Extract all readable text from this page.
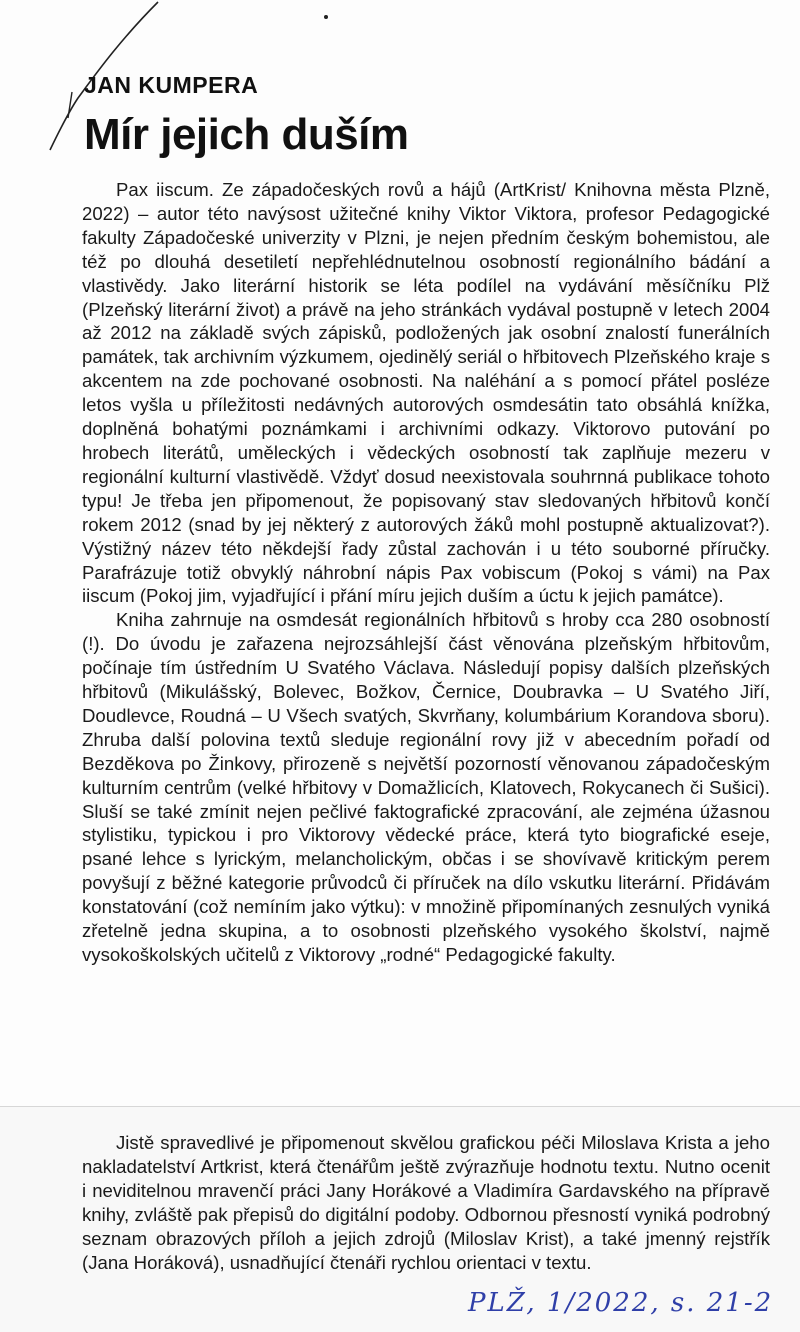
JAN KUMPERA
Mír jejich duším

Pax iiscum. Ze západočeských rovů a hájů (ArtKrist/ Knihovna města Plzně, 2022) – autor této navýsost užitečné knihy Viktor Viktora, profesor Pedagogické fakulty Západočeské univerzity v Plzni, je nejen předním českým bohemistou, ale též po dlouhá desetiletí nepřehlédnutelnou osobností regionálního bádání a vlastivědy. Jako literární historik se léta podílel na vydávání měsíčníku Plž (Plzeňský literární život) a právě na jeho stránkách vydával postupně v letech 2004 až 2012 na základě svých zápisků, podložených jak osobní znalostí funerálních památek, tak archivním výzkumem, ojedinělý seriál o hřbitovech Plzeňského kraje s akcentem na zde pochované osobnosti. Na naléhání a s pomocí přátel posléze letos vyšla u příležitosti nedávných autorových osmdesátin tato obsáhlá knížka, doplněná bohatými poznámkami i archivními odkazy. Viktorovo putování po hrobech literátů, uměleckých i vědeckých osobností tak zaplňuje mezeru v regionální kulturní vlastivědě. Vždyť dosud neexistovala souhrnná publikace tohoto typu! Je třeba jen připomenout, že popisovaný stav sledovaných hřbitovů končí rokem 2012 (snad by jej některý z autorových žáků mohl postupně aktualizovat?). Výstižný název této někdejší řady zůstal zachován i u této souborné příručky. Parafrázuje totiž obvyklý náhrobní nápis Pax vobiscum (Pokoj s vámi) na Pax iiscum (Pokoj jim, vyjadřující i přání míru jejich duším a úctu k jejich památce).

Kniha zahrnuje na osmdesát regionálních hřbitovů s hroby cca 280 osobností (!). Do úvodu je zařazena nejrozsáhlejší část věnována plzeňským hřbitovům, počínaje tím ústředním U Svatého Václava. Následují popisy dalších plzeňských hřbitovů (Mikulášský, Bolevec, Božkov, Černice, Doubravka – U Svatého Jiří, Doudlevce, Roudná – U Všech svatých, Skvrňany, kolumbárium Korandova sboru). Zhruba další polovina textů sleduje regionální rovy již v abecedním pořadí od Bezděkova po Žinkovy, přirozeně s největší pozorností věnovanou západočeským kulturním centrům (velké hřbitovy v Domažlicích, Klatovech, Rokycanech či Sušici). Sluší se také zmínit nejen pečlivé faktografické zpracování, ale zejména úžasnou stylistiku, typickou i pro Viktorovy vědecké práce, která tyto biografické eseje, psané lehce s lyrickým, melancholickým, občas i se shovívavě kritickým perem povyšují z běžné kategorie průvodců či příruček na dílo vskutku literární. Přidávám konstatování (což nemíním jako výtku): v množině připomínaných zesnulých vyniká zřetelně jedna skupina, a to osobnosti plzeňského vysokého školství, najmě vysokoškolských učitelů z Viktorovy „rodné“ Pedagogické fakulty.

Jistě spravedlivé je připomenout skvělou grafickou péči Miloslava Krista a jeho nakladatelství Artkrist, která čtenářům ještě zvýrazňuje hodnotu textu. Nutno ocenit i neviditelnou mravenčí práci Jany Horákové a Vladimíra Gardavského na přípravě knihy, zvláště pak přepisů do digitální podoby. Odbornou přesností vyniká podrobný seznam obrazových příloh a jejich zdrojů (Miloslav Krist), a také jmenný rejstřík (Jana Horáková), usnadňující čtenáři rychlou orientaci v textu.

PLŽ, 1/2022, s. 21-2
